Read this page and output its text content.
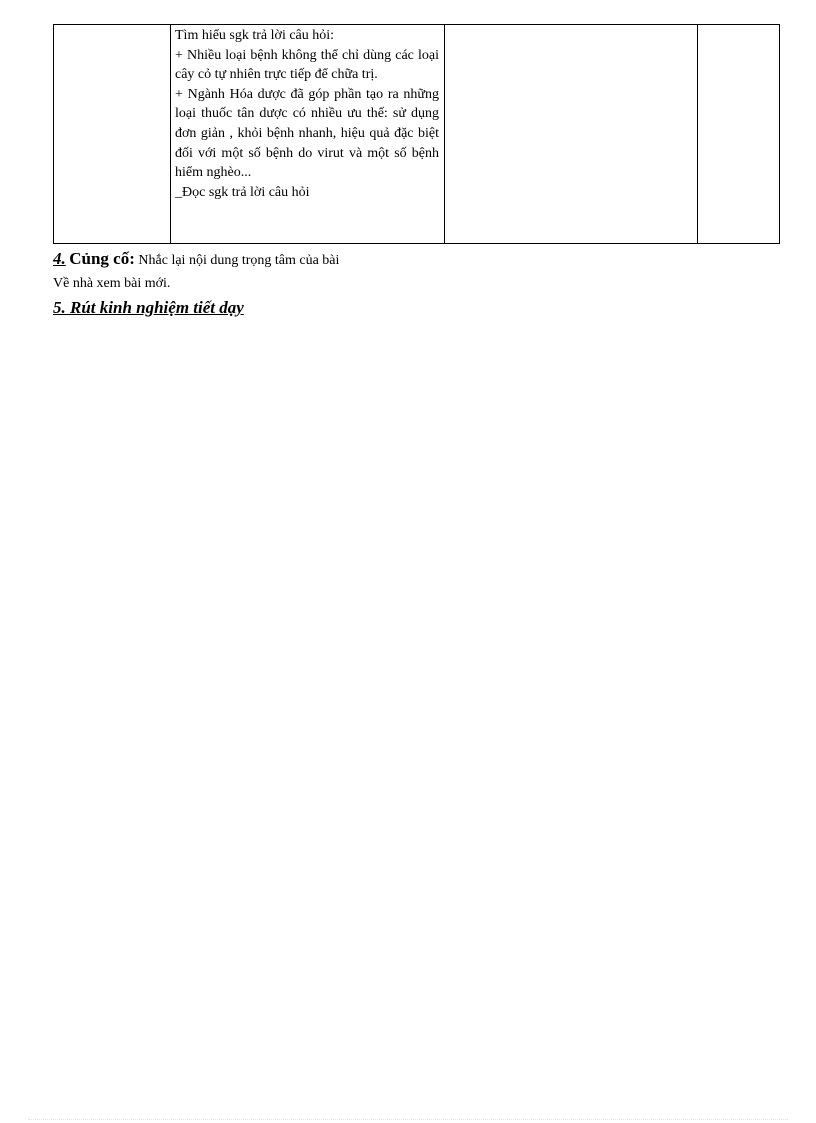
Tìm hiểu sgk trả lời câu hỏi:
+ Nhiều loại bệnh không thể chỉ dùng các loại cây cỏ tự nhiên trực tiếp để chữa trị.
+ Ngành Hóa dược đã góp phần tạo ra những loại thuốc tân dược có nhiều ưu thế: sử dụng đơn giản , khỏi bệnh nhanh, hiệu quả đặc biệt đối với một số bệnh do virut và một số bệnh hiểm nghèo...
_Đọc sgk trả lời câu hỏi

4. Củng cố: Nhắc lại nội dung trọng tâm của bài
Về nhà xem bài mới.
5. Rút kinh nghiệm tiết dạy
